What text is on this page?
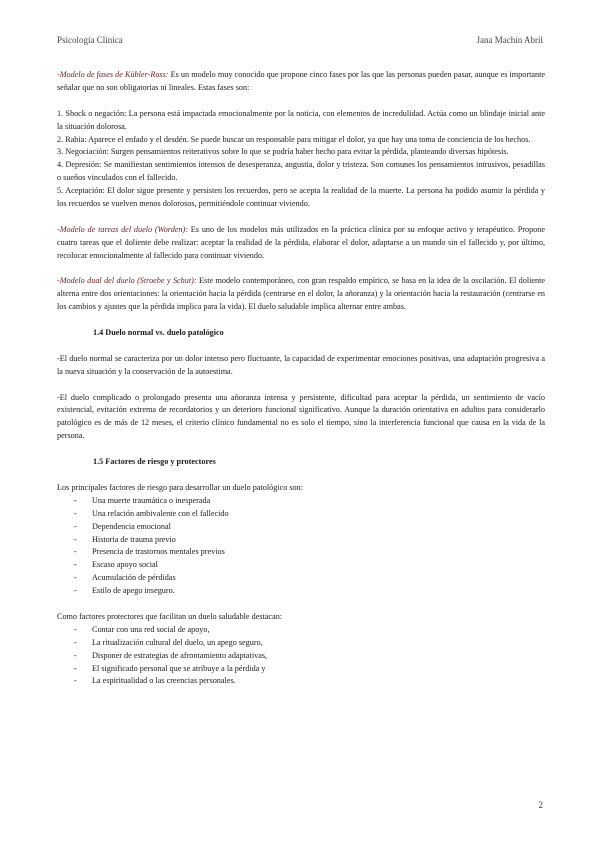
Psicología Clínica	Jana Machín Abril

-Modelo de fases de Kübler-Ross: Es un modelo muy conocido que propone cinco fases por las que las personas pueden pasar, aunque es importante señalar que no son obligatorias ni lineales. Estas fases son:

1. Shock o negación: La persona está impactada emocionalmente por la noticia, con elementos de incredulidad. Actúa como un blindaje inicial ante la situación dolorosa.

2. Rabia: Aparece el enfado y el desdén. Se puede buscar un responsable para mitigar el dolor, ya que hay una toma de conciencia de los hechos.

3. Negociación: Surgen pensamientos reiterativos sobre lo que se podría haber hecho para evitar la pérdida, planteando diversas hipótesis.

4. Depresión: Se manifiestan sentimientos intensos de desesperanza, angustia, dolor y tristeza. Son comunes los pensamientos intrusivos, pesadillas o sueños vinculados con el fallecido.

5. Aceptación: El dolor sigue presente y persisten los recuerdos, pero se acepta la realidad de la muerte. La persona ha podido asumir la pérdida y los recuerdos se vuelven menos dolorosos, permitiéndole continuar viviendo.

-Modelo de tareas del duelo (Worden): Es uno de los modelos más utilizados en la práctica clínica por su enfoque activo y terapéutico. Propone cuatro tareas que el doliente debe realizar: aceptar la realidad de la pérdida, elaborar el dolor, adaptarse a un mundo sin el fallecido y, por último, recolocar emocionalmente al fallecido para continuar viviendo.

-Modelo dual del duelo (Stroebe y Schut): Este modelo contemporáneo, con gran respaldo empírico, se basa en la idea de la oscilación. El doliente alterna entre dos orientaciones: la orientación hacia la pérdida (centrarse en el dolor, la añoranza) y la orientación hacia la restauración (centrarse en los cambios y ajustes que la pérdida implica para la vida). El duelo saludable implica alternar entre ambas.

1.4 Duelo normal vs. duelo patológico

-El duelo normal se caracteriza por un dolor intenso pero fluctuante, la capacidad de experimentar emociones positivas, una adaptación progresiva a la nueva situación y la conservación de la autoestima.

-El duelo complicado o prolongado presenta una añoranza intensa y persistente, dificultad para aceptar la pérdida, un sentimiento de vacío existencial, evitación extrema de recordatorios y un deterioro funcional significativo. Aunque la duración orientativa en adultos para considerarlo patológico es de más de 12 meses, el criterio clínico fundamental no es solo el tiempo, sino la interferencia funcional que causa en la vida de la persona.

1.5 Factores de riesgo y protectores

Los principales factores de riesgo para desarrollar un duelo patológico son:

- Una muerte traumática o inesperada
- Una relación ambivalente con el fallecido
- Dependencia emocional
- Historia de trauma previo
- Presencia de trastornos mentales previos
- Escaso apoyo social
- Acumulación de pérdidas
- Estilo de apego inseguro.

Como factores protectores que facilitan un duelo saludable destacan:

- Contar con una red social de apoyo,
- La ritualización cultural del duelo, un apego seguro,
- Disponer de estrategias de afrontamiento adaptativas,
- El significado personal que se atribuye a la pérdida y
- La espiritualidad o las creencias personales.
2
